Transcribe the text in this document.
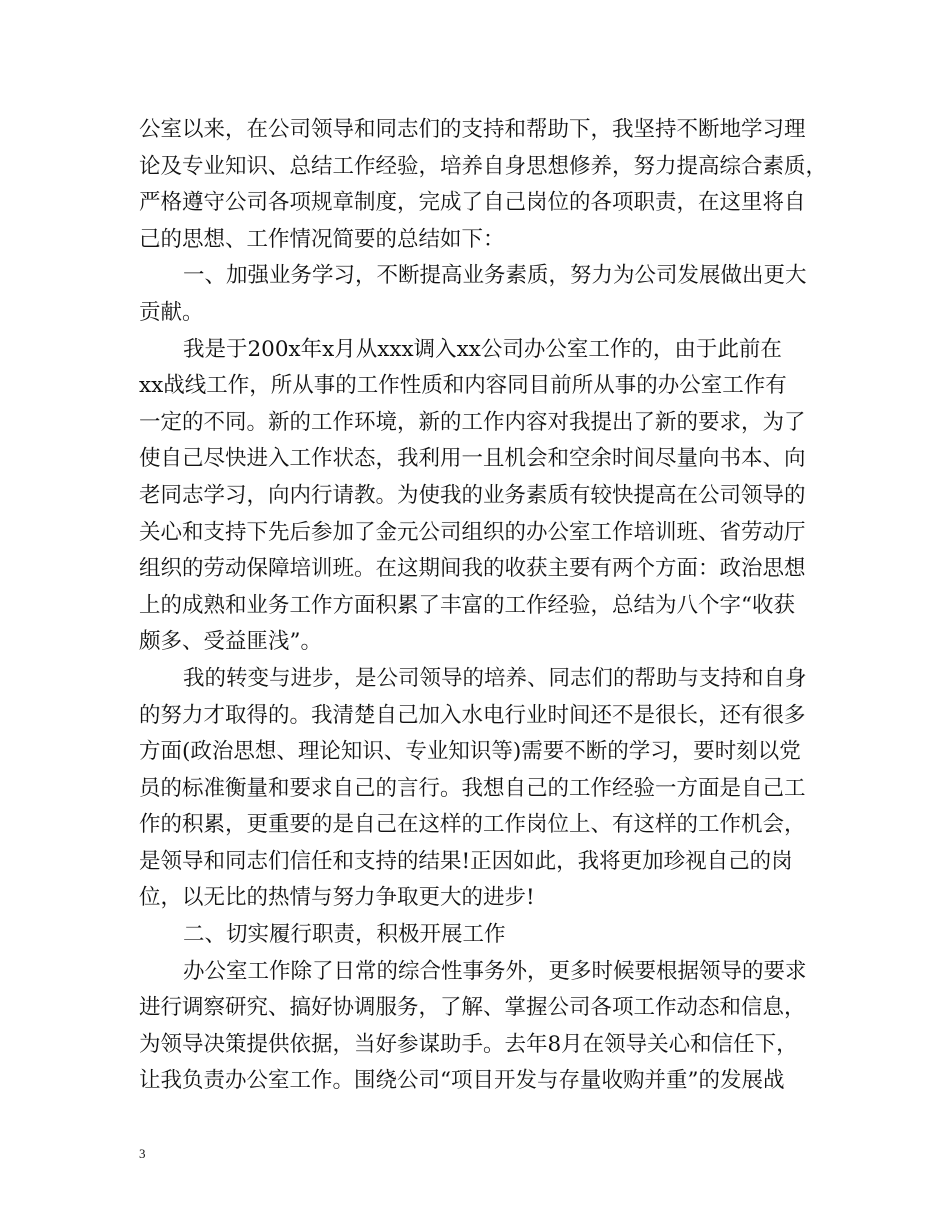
公室以来，在公司领导和同志们的支持和帮助下，我坚持不断地学习理
论及专业知识、总结工作经验，培养自身思想修养，努力提高综合素质，
严格遵守公司各项规章制度，完成了自己岗位的各项职责，在这里将自
己的思想、工作情况简要的总结如下：
一、加强业务学习，不断提高业务素质，努力为公司发展做出更大
贡献。
我是于200x年x月从xxx调入xx公司办公室工作的，由于此前在
xx战线工作，所从事的工作性质和内容同目前所从事的办公室工作有
一定的不同。新的工作环境，新的工作内容对我提出了新的要求，为了
使自己尽快进入工作状态，我利用一且机会和空余时间尽量向书本、向
老同志学习，向内行请教。为使我的业务素质有较快提高在公司领导的
关心和支持下先后参加了金元公司组织的办公室工作培训班、省劳动厅
组织的劳动保障培训班。在这期间我的收获主要有两个方面：政治思想
上的成熟和业务工作方面积累了丰富的工作经验，总结为八个字“收获
颇多、受益匪浅”。
我的转变与进步，是公司领导的培养、同志们的帮助与支持和自身
的努力才取得的。我清楚自己加入水电行业时间还不是很长，还有很多
方面(政治思想、理论知识、专业知识等)需要不断的学习，要时刻以党
员的标准衡量和要求自己的言行。我想自己的工作经验一方面是自己工
作的积累，更重要的是自己在这样的工作岗位上、有这样的工作机会，
是领导和同志们信任和支持的结果!正因如此，我将更加珍视自己的岗
位，以无比的热情与努力争取更大的进步!
二、切实履行职责，积极开展工作
办公室工作除了日常的综合性事务外，更多时候要根据领导的要求
进行调察研究、搞好协调服务，了解、掌握公司各项工作动态和信息，
为领导决策提供依据，当好参谋助手。去年8月在领导关心和信任下，
让我负责办公室工作。围绕公司“项目开发与存量收购并重”的发展战
3
